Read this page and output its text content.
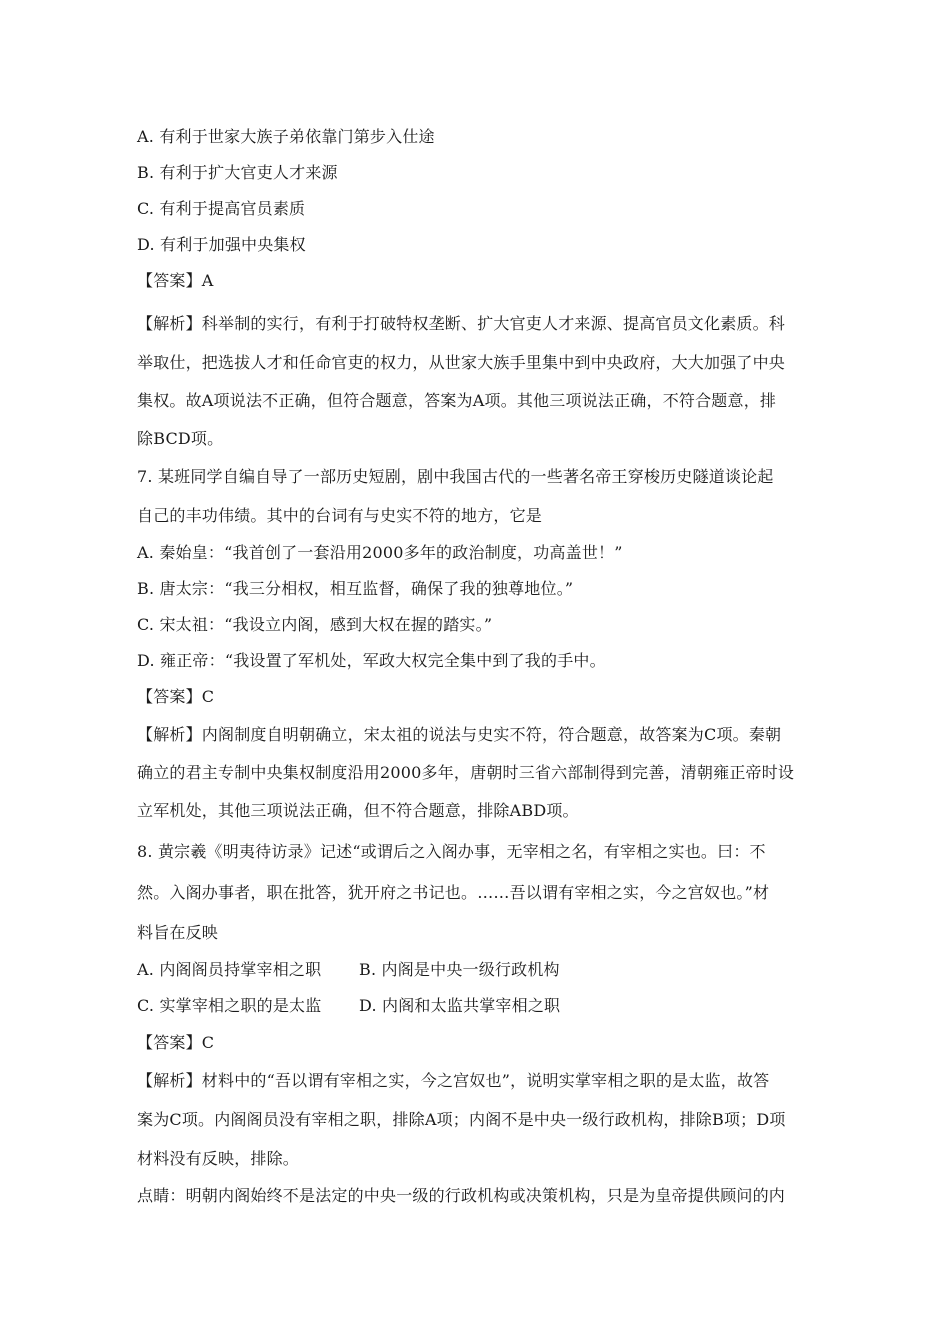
A. 有利于世家大族子弟依靠门第步入仕途
B. 有利于扩大官吏人才来源
C. 有利于提高官员素质
D. 有利于加强中央集权
【答案】A
【解析】科举制的实行，有利于打破特权垄断、扩大官吏人才来源、提高官员文化素质。科
举取仕，把选拔人才和任命官吏的权力，从世家大族手里集中到中央政府，大大加强了中央
集权。故A项说法不正确，但符合题意，答案为A项。其他三项说法正确，不符合题意，排
除BCD项。
7. 某班同学自编自导了一部历史短剧，剧中我国古代的一些著名帝王穿梭历史隧道谈论起
自己的丰功伟绩。其中的台词有与史实不符的地方，它是
A. 秦始皇：“我首创了一套沿用2000多年的政治制度，功高盖世！”
B. 唐太宗：“我三分相权，相互监督，确保了我的独尊地位。”
C. 宋太祖：“我设立内阁，感到大权在握的踏实。”
D. 雍正帝：“我设置了军机处，军政大权完全集中到了我的手中。
【答案】C
【解析】内阁制度自明朝确立，宋太祖的说法与史实不符，符合题意，故答案为C项。秦朝
确立的君主专制中央集权制度沿用2000多年，唐朝时三省六部制得到完善，清朝雍正帝时设
立军机处，其他三项说法正确，但不符合题意，排除ABD项。
8. 黄宗羲《明夷待访录》记述“或谓后之入阁办事，无宰相之名，有宰相之实也。曰：不
然。入阁办事者，职在批答，犹开府之书记也。……吾以谓有宰相之实，今之宫奴也。”材
料旨在反映
A. 内阁阁员持掌宰相之职 B. 内阁是中央一级行政机构
C. 实掌宰相之职的是太监 D. 内阁和太监共掌宰相之职
【答案】C
【解析】材料中的“吾以谓有宰相之实，今之宫奴也”，说明实掌宰相之职的是太监，故答
案为C项。内阁阁员没有宰相之职，排除A项；内阁不是中央一级行政机构，排除B项；D项
材料没有反映，排除。
点睛：明朝内阁始终不是法定的中央一级的行政机构或决策机构，只是为皇帝提供顾问的内
